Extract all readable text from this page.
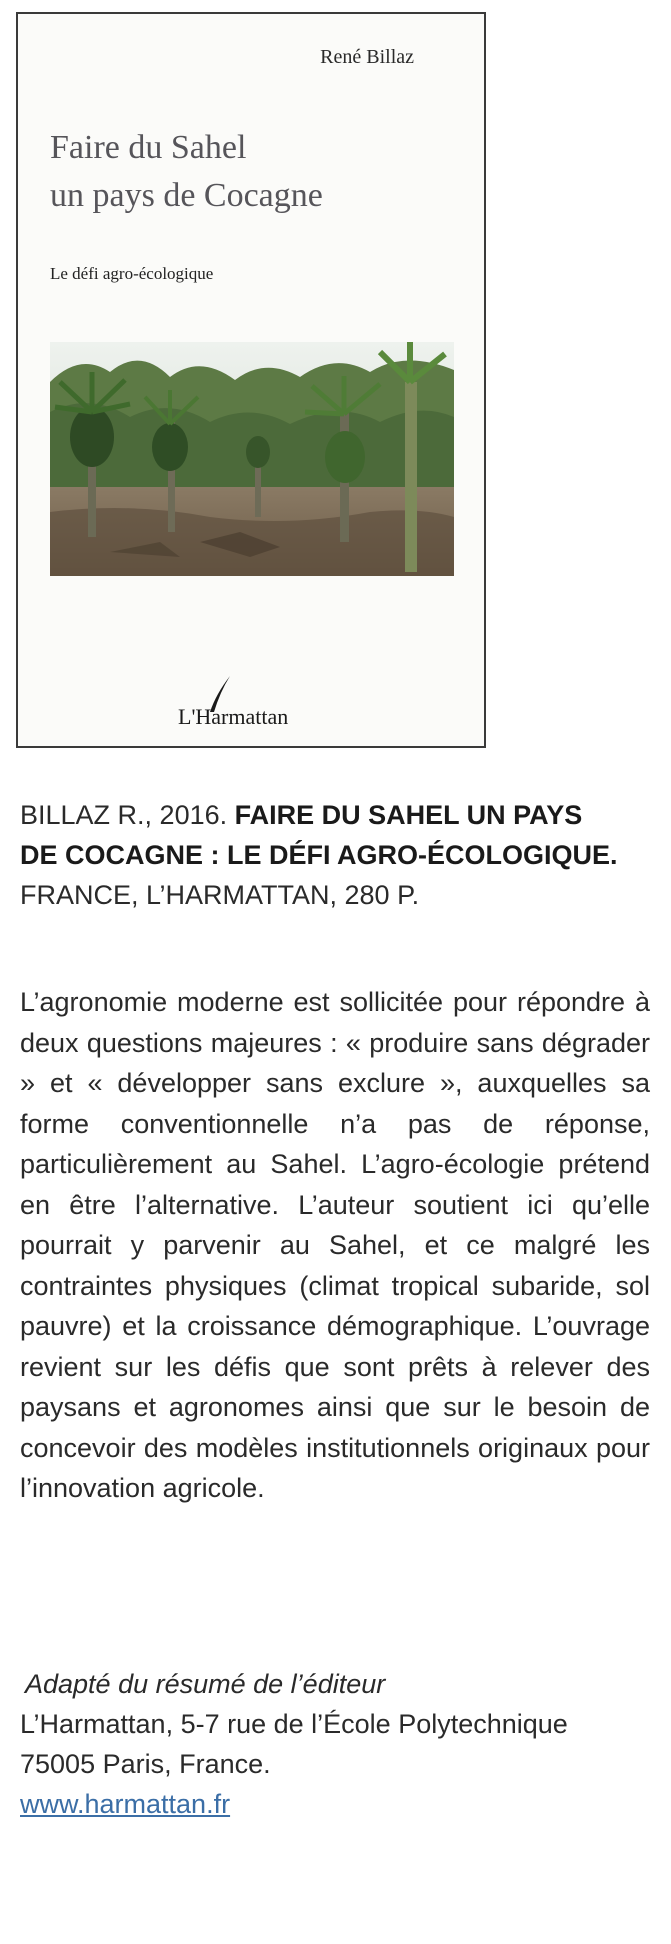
René Billaz
Faire du Sahel
un pays de Cocagne
Le défi agro-écologique
L'Harmattan
BILLAZ R., 2016. FAIRE DU SAHEL UN PAYS
DE COCAGNE : LE DÉFI AGRO-ÉCOLOGIQUE.
FRANCE, L’HARMATTAN, 280 P.

L’agronomie moderne est sollicitée pour répondre à deux questions majeures : « produire sans dégrader » et « développer sans exclure », auxquelles sa forme conventionnelle n’a pas de réponse, particulièrement au Sahel. L’agro-écologie prétend en être l’alternative. L’auteur soutient ici qu’elle pourrait y parvenir au Sahel, et ce malgré les contraintes physiques (climat tropical subaride, sol pauvre) et la croissance démographique. L’ouvrage revient sur les défis que sont prêts à relever des paysans et agronomes ainsi que sur le besoin de concevoir des modèles institutionnels originaux pour l’innovation agricole.

Adapté du résumé de l’éditeur
L’Harmattan, 5-7 rue de l’École Polytechnique
75005 Paris, France.
www.harmattan.fr
